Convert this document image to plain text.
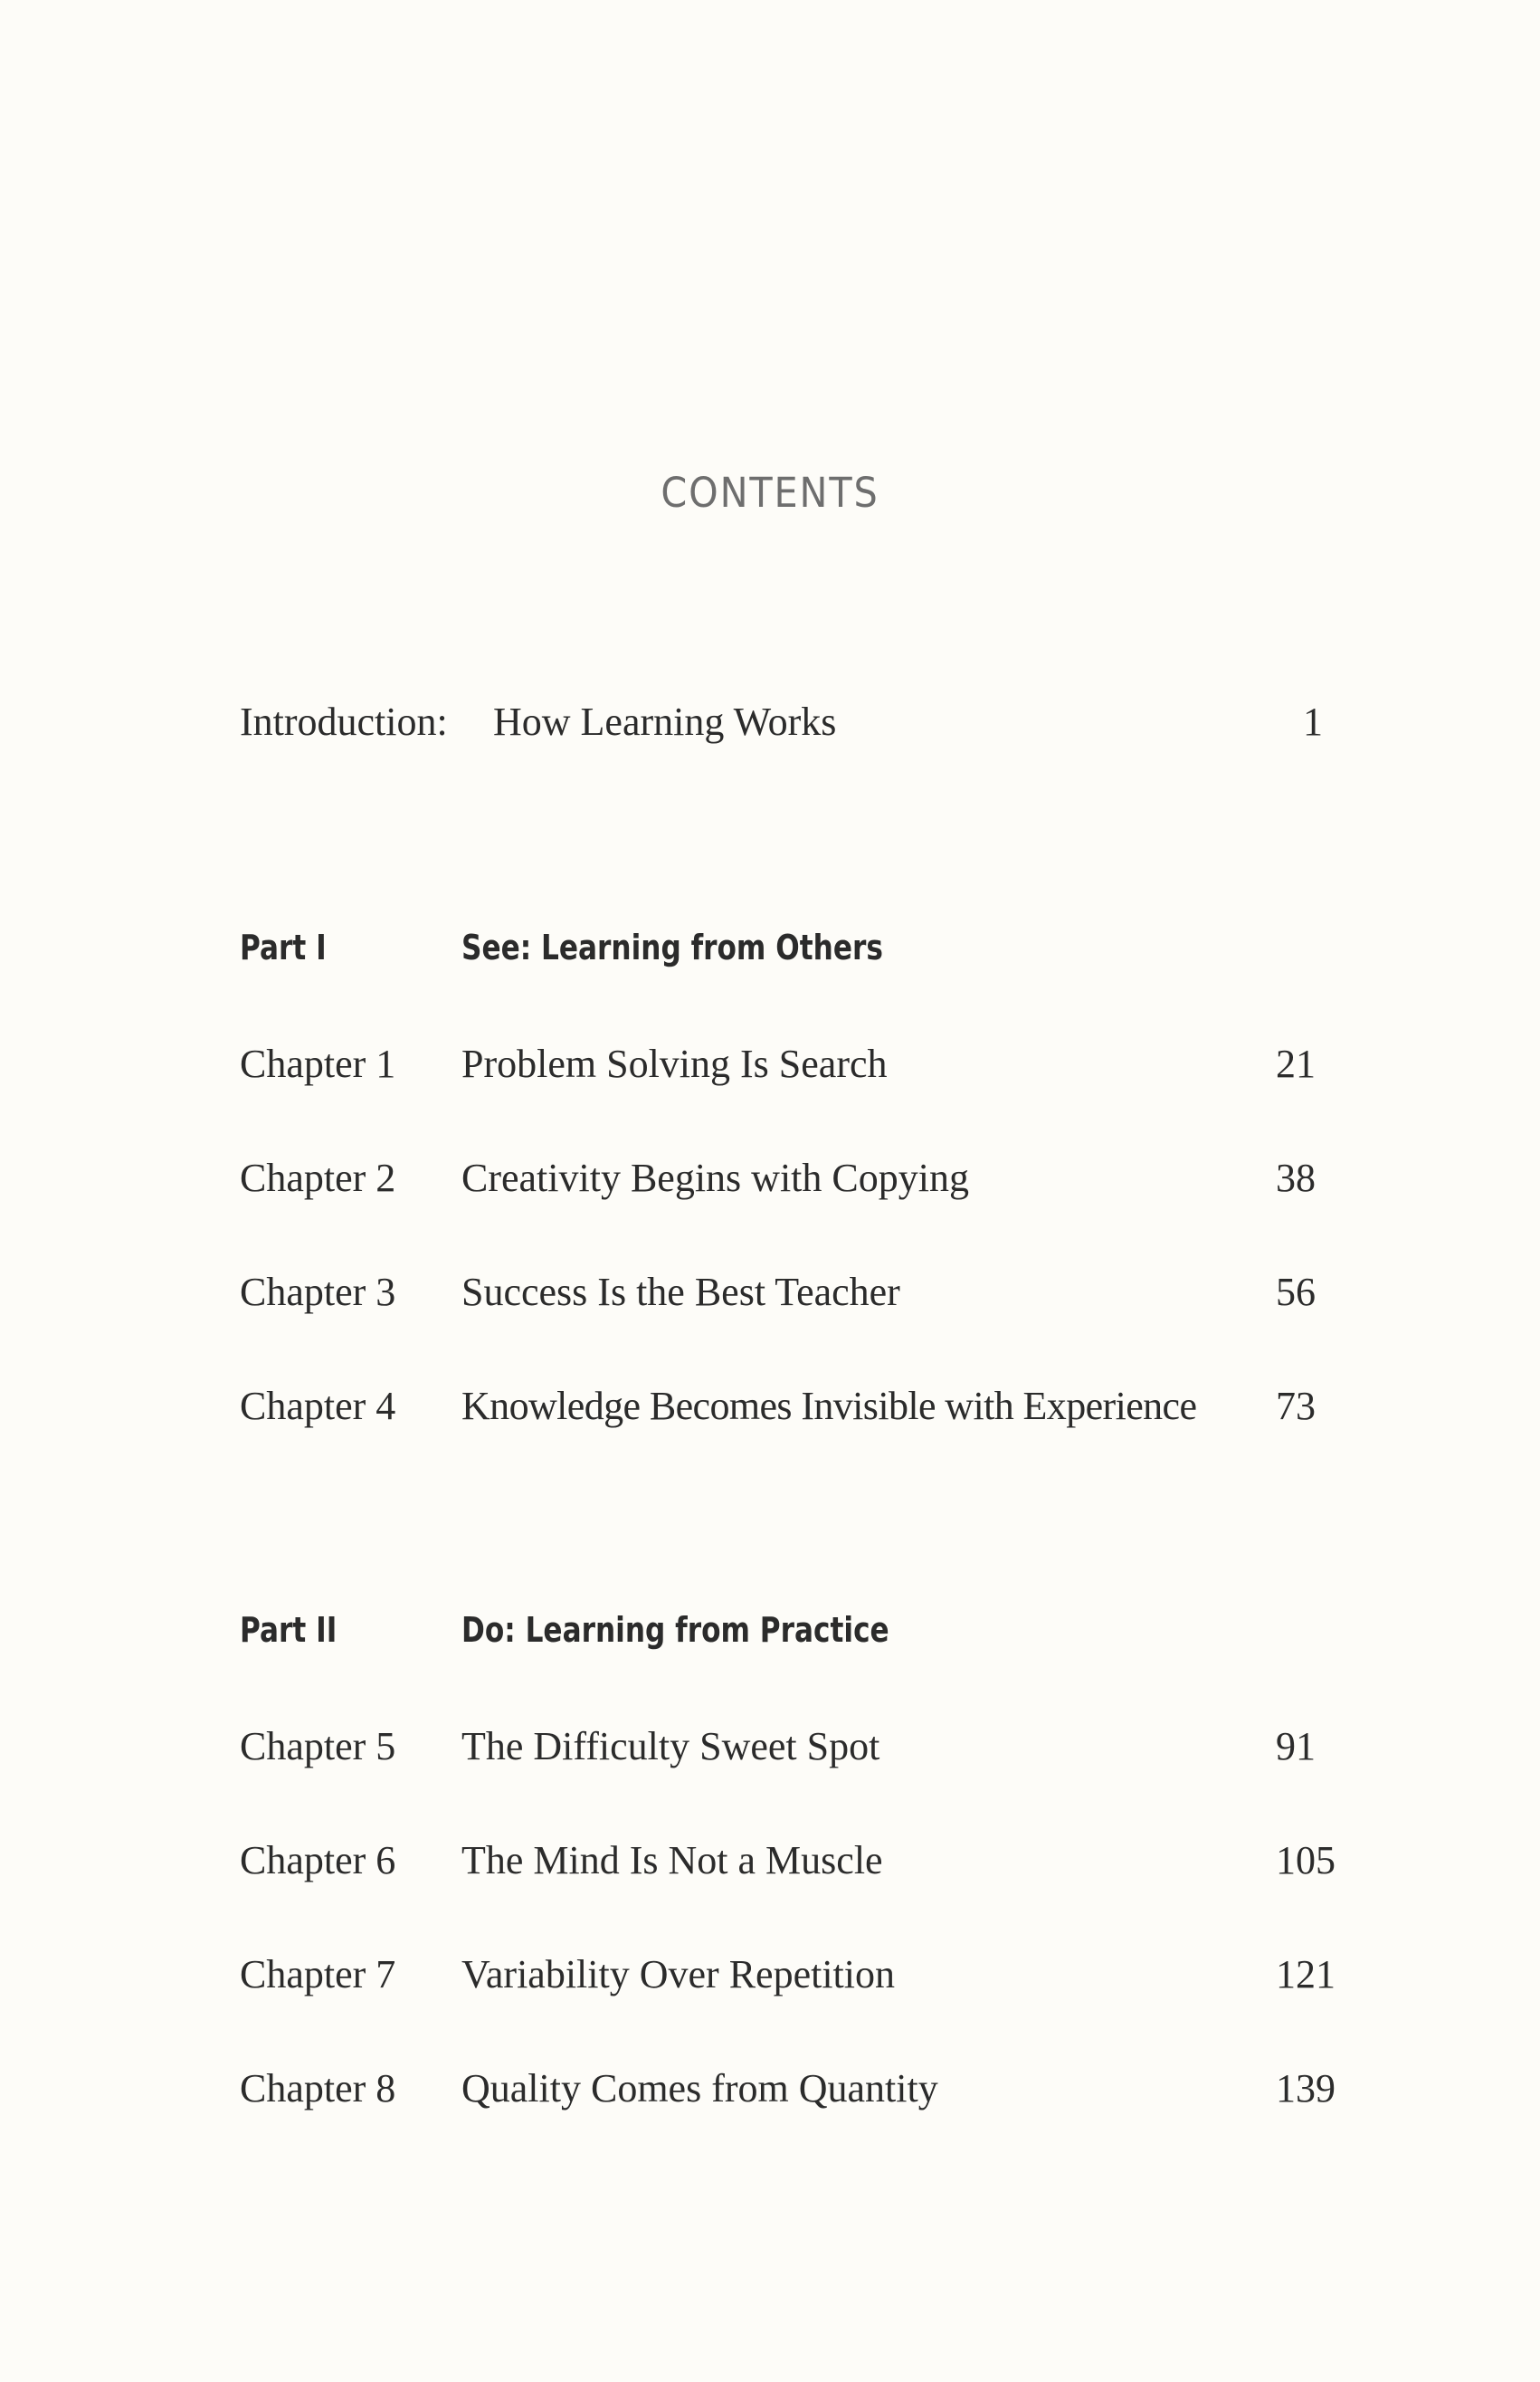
CONTENTS
Introduction: How Learning Works	1
Part I	See: Learning from Others
Chapter 1 Problem Solving Is Search	21
Chapter 2 Creativity Begins with Copying	38
Chapter 3 Success Is the Best Teacher	56
Chapter 4 Knowledge Becomes Invisible with Experience 73
Part II	Do: Learning from Practice
Chapter 5 The Difficulty Sweet Spot	91
Chapter 6 The Mind Is Not a Muscle	105
Chapter 7 Variability Over Repetition	121
Chapter 8 Quality Comes from Quantity	139
